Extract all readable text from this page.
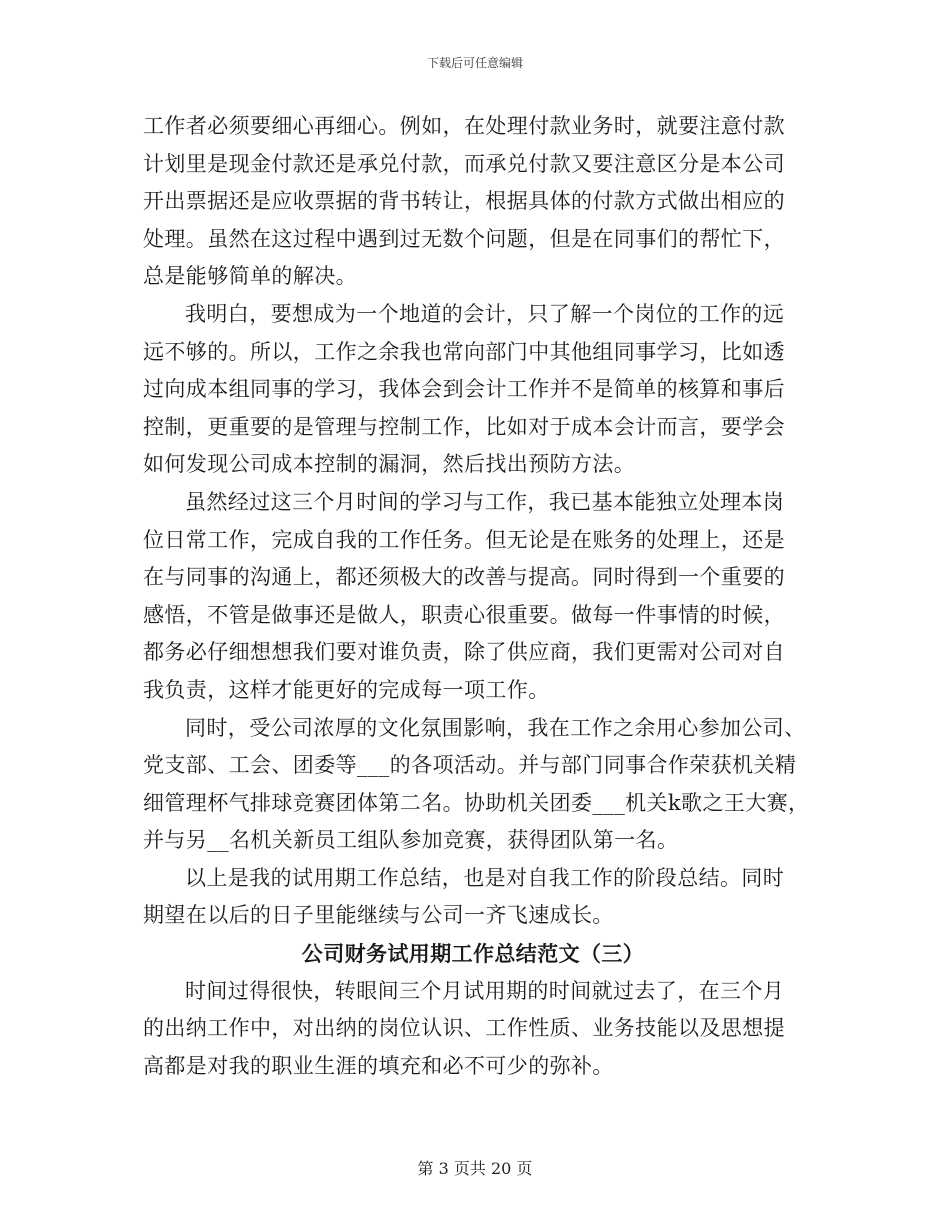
下载后可任意编辑
工作者必须要细心再细心。例如，在处理付款业务时，就要注意付款
计划里是现金付款还是承兑付款，而承兑付款又要注意区分是本公司
开出票据还是应收票据的背书转让，根据具体的付款方式做出相应的
处理。虽然在这过程中遇到过无数个问题，但是在同事们的帮忙下，
总是能够简单的解决。
我明白，要想成为一个地道的会计，只了解一个岗位的工作的远
远不够的。所以，工作之余我也常向部门中其他组同事学习，比如透
过向成本组同事的学习，我体会到会计工作并不是简单的核算和事后
控制，更重要的是管理与控制工作，比如对于成本会计而言，要学会
如何发现公司成本控制的漏洞，然后找出预防方法。
虽然经过这三个月时间的学习与工作，我已基本能独立处理本岗
位日常工作，完成自我的工作任务。但无论是在账务的处理上，还是
在与同事的沟通上，都还须极大的改善与提高。同时得到一个重要的
感悟，不管是做事还是做人，职责心很重要。做每一件事情的时候，
都务必仔细想想我们要对谁负责，除了供应商，我们更需对公司对自
我负责，这样才能更好的完成每一项工作。
同时，受公司浓厚的文化氛围影响，我在工作之余用心参加公司、
党支部、工会、团委等___的各项活动。并与部门同事合作荣获机关精
细管理杯气排球竞赛团体第二名。协助机关团委___机关k歌之王大赛，
并与另__名机关新员工组队参加竞赛，获得团队第一名。
以上是我的试用期工作总结，也是对自我工作的阶段总结。同时
期望在以后的日子里能继续与公司一齐飞速成长。
公司财务试用期工作总结范文（三）
时间过得很快，转眼间三个月试用期的时间就过去了，在三个月
的出纳工作中，对出纳的岗位认识、工作性质、业务技能以及思想提
高都是对我的职业生涯的填充和必不可少的弥补。
第 3 页共 20 页
